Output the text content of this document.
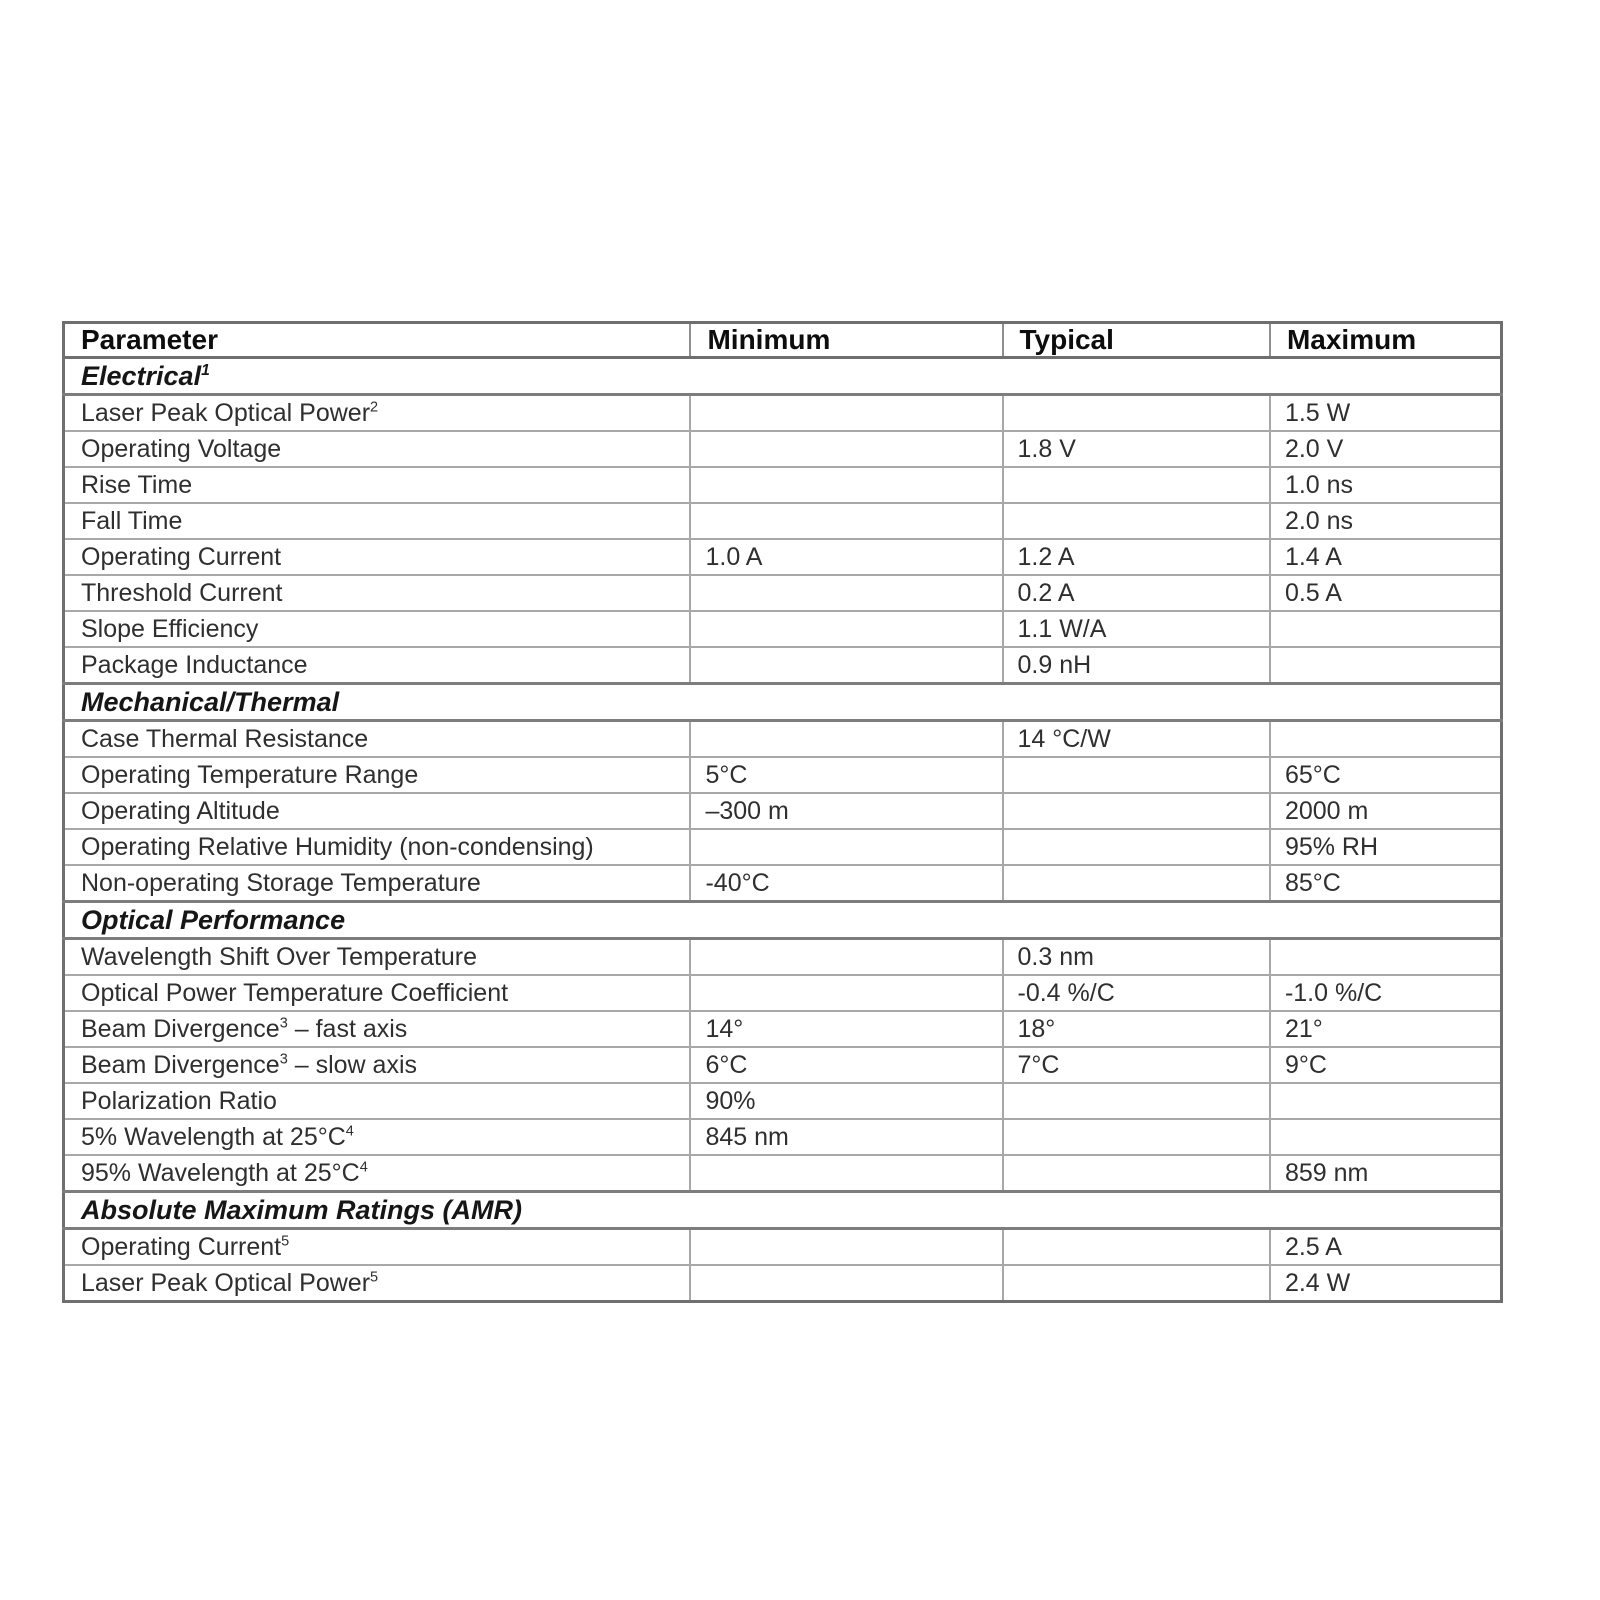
Parameter	Minimum	Typical	Maximum
Electrical$^1$
Laser Peak Optical Power$^2$			1.5 W
Operating Voltage		1.8 V	2.0 V
Rise Time			1.0 ns
Fall Time			2.0 ns
Operating Current	1.0 A	1.2 A	1.4 A
Threshold Current		0.2 A	0.5 A
Slope Efficiency		1.1 W/A	
Package Inductance		0.9 nH	
Mechanical/Thermal			
Case Thermal Resistance		14 °C/W	
Operating Temperature Range	5°C		65°C
Operating Altitude	–300 m		2000 m
Operating Relative Humidity (non-condensing)			95% RH
Non-operating Storage Temperature	-40°C		85°C
Optical Performance			
Wavelength Shift Over Temperature		0.3 nm	
Optical Power Temperature Coefficient		-0.4 %/C	-1.0 %/C
Beam Divergence$^3$ – fast axis	14°	18°	21°
Beam Divergence$^3$ – slow axis	6°C	7°C	9°C
Polarization Ratio	90%		
5% Wavelength at $25^\circ C^4$	845 nm		
95% Wavelength at $25^\circ C^4$			859 nm
Absolute Maximum Ratings (AMR)			
Operating Current$^5$			2.5 A
Laser Peak Optical Power$^5$			2.4 W
